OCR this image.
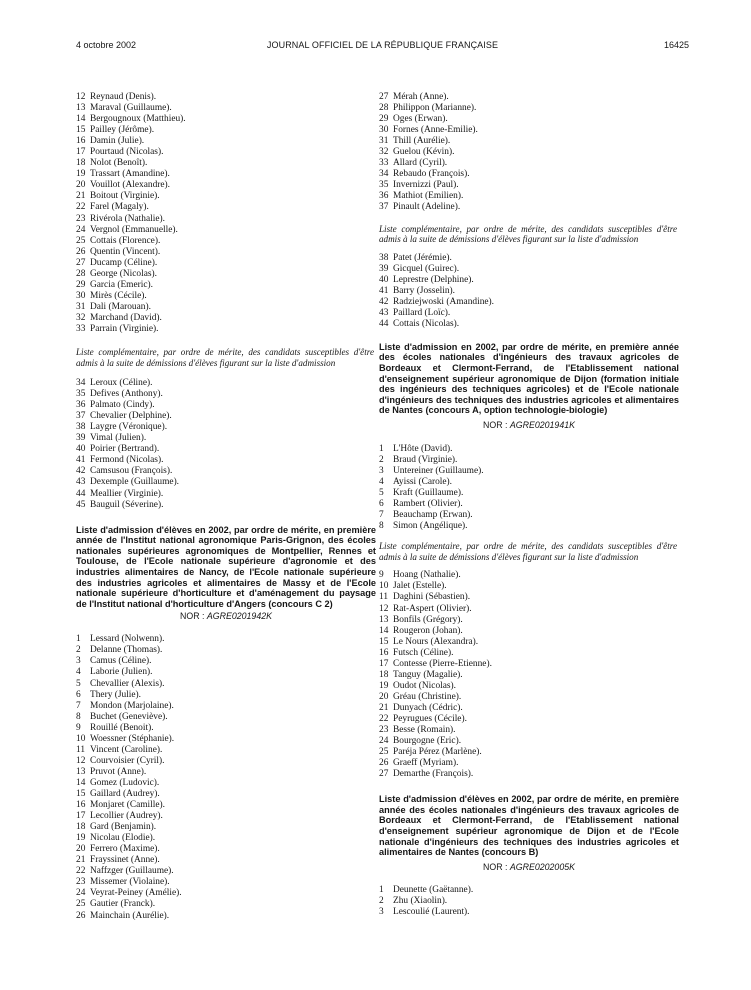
4 octobre 2002	JOURNAL OFFICIEL DE LA RÉPUBLIQUE FRANÇAISE	16425
12 Reynaud (Denis).
13 Maraval (Guillaume).
14 Bergougnoux (Matthieu).
15 Pailley (Jérôme).
16 Damin (Julie).
17 Pourtaud (Nicolas).
18 Nolot (Benoît).
19 Trassart (Amandine).
20 Vouillot (Alexandre).
21 Boitout (Virginie).
22 Farel (Magaly).
23 Rivérola (Nathalie).
24 Vergnol (Emmanuelle).
25 Cottais (Florence).
26 Quentin (Vincent).
27 Ducamp (Céline).
28 George (Nicolas).
29 Garcia (Emeric).
30 Mirès (Cécile).
31 Dali (Marouan).
32 Marchand (David).
33 Parrain (Virginie).

Liste complémentaire, par ordre de mérite, des candidats susceptibles d'être admis à la suite de démissions d'élèves figurant sur la liste d'admission

34 Leroux (Céline).
35 Defives (Anthony).
36 Palmato (Cindy).
37 Chevalier (Delphine).
38 Laygre (Véronique).
39 Vimal (Julien).
40 Poirier (Bertrand).
41 Fermond (Nicolas).
42 Camsusou (François).
43 Dexemple (Guillaume).
44 Meallier (Virginie).
45 Bauguil (Séverine).

Liste d'admission d'élèves en 2002, par ordre de mérite, en première année de l'Institut national agronomique Paris-Grignon, des écoles nationales supérieures agronomiques de Montpellier, Rennes et Toulouse, de l'Ecole nationale supérieure d'agronomie et des industries alimentaires de Nancy, de l'Ecole nationale supérieure des industries agricoles et alimentaires de Massy et de l'Ecole nationale supérieure d'horticulture et d'aménagement du paysage de l'Institut national d'horticulture d'Angers (concours C 2)

NOR : AGRE0201942K

1 Lessard (Nolwenn).
2 Delanne (Thomas).
3 Camus (Céline).
4 Laborie (Julien).
5 Chevallier (Alexis).
6 Thery (Julie).
7 Mondon (Marjolaine).
8 Buchet (Geneviève).
9 Rouillé (Benoit).
10 Woessner (Stéphanie).
11 Vincent (Caroline).
12 Courvoisier (Cyril).
13 Pruvot (Anne).
14 Gomez (Ludovic).
15 Gaillard (Audrey).
16 Monjaret (Camille).
17 Lecollier (Audrey).
18 Gard (Benjamin).
19 Nicolau (Elodie).
20 Ferrero (Maxime).
21 Frayssinet (Anne).
22 Naffzger (Guillaume).
23 Missemer (Violaine).
24 Veyrat-Peiney (Amélie).
25 Gautier (Franck).
26 Mainchain (Aurélie).
27 Mérah (Anne).
28 Philippon (Marianne).
29 Oges (Erwan).
30 Fornes (Anne-Emilie).
31 Thill (Aurélie).
32 Guelou (Kévin).
33 Allard (Cyril).
34 Rebaudo (François).
35 Invernizzi (Paul).
36 Mathiot (Emilien).
37 Pinault (Adeline).

Liste complémentaire, par ordre de mérite, des candidats susceptibles d'être admis à la suite de démissions d'élèves figurant sur la liste d'admission

38 Patet (Jérémie).
39 Gicquel (Guirec).
40 Leprestre (Delphine).
41 Barry (Josselin).
42 Radziejwoski (Amandine).
43 Paillard (Loïc).
44 Cottais (Nicolas).

Liste d'admission en 2002, par ordre de mérite, en première année des écoles nationales d'ingénieurs des travaux agricoles de Bordeaux et Clermont-Ferrand, de l'Etablissement national d'enseignement supérieur agronomique de Dijon (formation initiale des ingénieurs des techniques agricoles) et de l'Ecole nationale d'ingénieurs des techniques des industries agricoles et alimentaires de Nantes (concours A, option technologie-biologie)

NOR : AGRE0201941K

1 L'Hôte (David).
2 Braud (Virginie).
3 Untereiner (Guillaume).
4 Ayissi (Carole).
5 Kraft (Guillaume).
6 Rambert (Olivier).
7 Beauchamp (Erwan).
8 Simon (Angélique).

Liste complémentaire, par ordre de mérite, des candidats susceptibles d'être admis à la suite de démissions d'élèves figurant sur la liste d'admission

9 Hoang (Nathalie).
10 Jalet (Estelle).
11 Daghini (Sébastien).
12 Rat-Aspert (Olivier).
13 Bonfils (Grégory).
14 Rougeron (Johan).
15 Le Nours (Alexandra).
16 Futsch (Céline).
17 Contesse (Pierre-Etienne).
18 Tanguy (Magalie).
19 Oudot (Nicolas).
20 Gréau (Christine).
21 Dunyach (Cédric).
22 Peyrugues (Cécile).
23 Besse (Romain).
24 Bourgogne (Eric).
25 Paréja Pérez (Marlène).
26 Graeff (Myriam).
27 Demarthe (François).

Liste d'admission d'élèves en 2002, par ordre de mérite, en première année des écoles nationales d'ingénieurs des travaux agricoles de Bordeaux et Clermont-Ferrand, de l'Etablissement national d'enseignement supérieur agronomique de Dijon et de l'Ecole nationale d'ingénieurs des techniques des industries agricoles et alimentaires de Nantes (concours B)

NOR : AGRE0202005K

1 Deunette (Gaëtanne).
2 Zhu (Xiaolin).
3 Lescoulié (Laurent).
